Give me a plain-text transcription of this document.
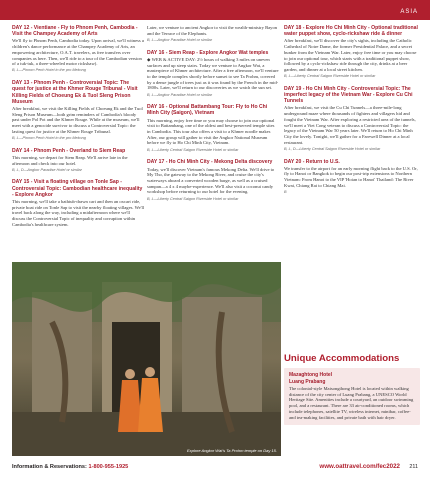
ASIA
DAY 12 - Vientiane - Fly to Phnom Penh, Cambodia - Visit the Champey Academy of Arts
We'll fly to Phnom Penh, Cambodia today. Upon arrival, we'll witness a children's dance performance at the Champey Academy of Arts, an empowering architecture, O.A.T. travelers, as free transfers over companies as here. Then, we'll ride to a tour of the Cambodian version of a tuk-tuk, a three-wheeled motor rickshaw).
B, L—Phnom Penh Hotel in the pro Mekong
DAY 13 - Phnom Penh - Controversial Topic: The quest for justice at the Khmer Rouge Tribunal - Visit Killing Fields of Choeung Ek & Tuol Sleng Prison Museum
After breakfast, we visit the Killing Fields of Choeung Ek and the Tuol Sleng Prison Museum—both grim reminders of Cambodia's bloody past under Pol Pot and the Khmer Rouge. While at the museum, we'll meet with a genocide survivor to discuss a Controversial Topic: the lasting quest for justice at the Khmer Rouge Tribunal.
B, L—Phnom Penh Hotel in the pro Mekong
DAY 14 - Phnom Penh - Overland to Siem Reap
This morning, we depart for Siem Reap. We'll arrive late in the afternoon and check into our hotel.
B, L, D—Angkor Paradise Hotel or similar
DAY 15 - Visit a floating village on Tonle Sap - Controversial Topic: Cambodian healthcare inequality - Explore Angkor
This morning, we'll take a bathtub-drawn cart and then an oxcart ride, private boat ride on Tonle Sap to visit the nearby floating villages. We'll travel back along the way, including a midafternoon where we'll discuss the Controversial Topic of inequality and corruption within Cambodia's healthcare system.
Later, we venture to ancient Angkor to visit the wealth-ministry Bayon and the Terrace of the Elephants.
B, L—Angkor Paradise Hotel or similar
DAY 16 - Siem Reap - Explore Angkor Wat temples
◆ WEB & ACTIVE DAY: 2½ hours of walking 3 miles on uneven surfaces and up steep stairs. Today we venture to Angkor Wat, a masterpiece of Khmer architecture. After a free afternoon, we'll venture to the temple complex shortly before sunset to see Ta Prohm, covered by a dense jungle of trees just as it was found by the French in the mid-1800s. Later, we'll return to our discoveries as we watch the sun set.
B, L—Angkor Paradise Hotel or similar
DAY 16 - Optional Battambang Tour: Fly to Ho Chi Minh City (Saigon), Vietnam
This morning, enjoy free time or you may choose to join our optional visit to Battambang, one of the oldest and best-preserved temple sites in Cambodia. This tour also offers a visit to a Khmer noodle maker. After, our group will gather to visit the Angkor National Museum before we fly to Ho Chi Minh City, Vietnam.
B, L—Liberty Central Saigon Riverside Hotel or similar
DAY 17 - Ho Chi Minh City - Mekong Delta discovery
Today, we'll discover Vietnam's famous Mekong Delta. We'll drive to My Tho, the gateway to the Mekong River, and cruise the city's waterways aboard a converted wooden barge, as well as a cruised sampan—a 4 x 4 maybe-experience. We'll also visit a coconut candy workshop before returning to our hotel for the evening.
B, L—Liberty Central Saigon Riverside Hotel or similar
DAY 18 - Explore Ho Chi Minh City - Optional traditional water puppet show, cyclo-rickshaw ride & dinner
After breakfast, we'll discover the city's sights, including the Catholic Cathedral of Notre Dame, the former Presidential Palace, and a secret bunker from the Vietnam War. Later, enjoy free time or you may choose to join our optional tour, which starts with a traditional puppet show, followed by a cyclo-rickshaw ride through the city, drinks at a beer garden, and dinner at a local street kitchen.
B, L—Liberty Central Saigon Riverside Hotel or similar
DAY 19 - Ho Chi Minh City - Controversial Topic: The imperfect legacy of the Vietnam War - Explore Cu Chi Tunnels
After breakfast, we visit the Cu Chi Tunnels—a three-mile-long underground maze where thousands of fighters and villagers hid and fought the Vietnam War. After exploring a restricted area of the tunnels, we'll meet a Viet Cong veteran to discuss a Controversial Topic: the legacy of the Vietnam War 50 years later. We'll return to Ho Chi Minh City the lovely. Tonight, we'll gather for a Farewell Dinner at a local restaurant.
B, L, D—Liberty Central Saigon Riverside Hotel or similar
DAY 20 - Return to U.S.
We transfer to the airport for an early morning flight back to the U.S. Or, fly to Hanoi or Bangkok to begin our post-trip extensions to Northern Vietnam: From Hanoi to the VIP 'Hoian to Hanoi' Thailand: The River Kwai, Chiang Rai to Chiang Mai.
B
Explore Angkor Wat's Ta Prohm temple on Day 15.
Unique Accommodations
Mazaghtong Hotel
Luang Prabang
The colonial-style Maisongthong Hotel is located within walking distance of the city center of Luang Prabang, a UNESCO World Heritage Site. Amenities include a courtyard, an outdoor swimming pool, and a restaurant. There are 33 air-conditioned rooms, which include telephones, satellite TV, wireless internet, minibar, coffee- and tea-making facilities, and private bath with hair dryer.
Information & Reservations: 1-800-955-1925	www.oattravel.com/fec2022 211
